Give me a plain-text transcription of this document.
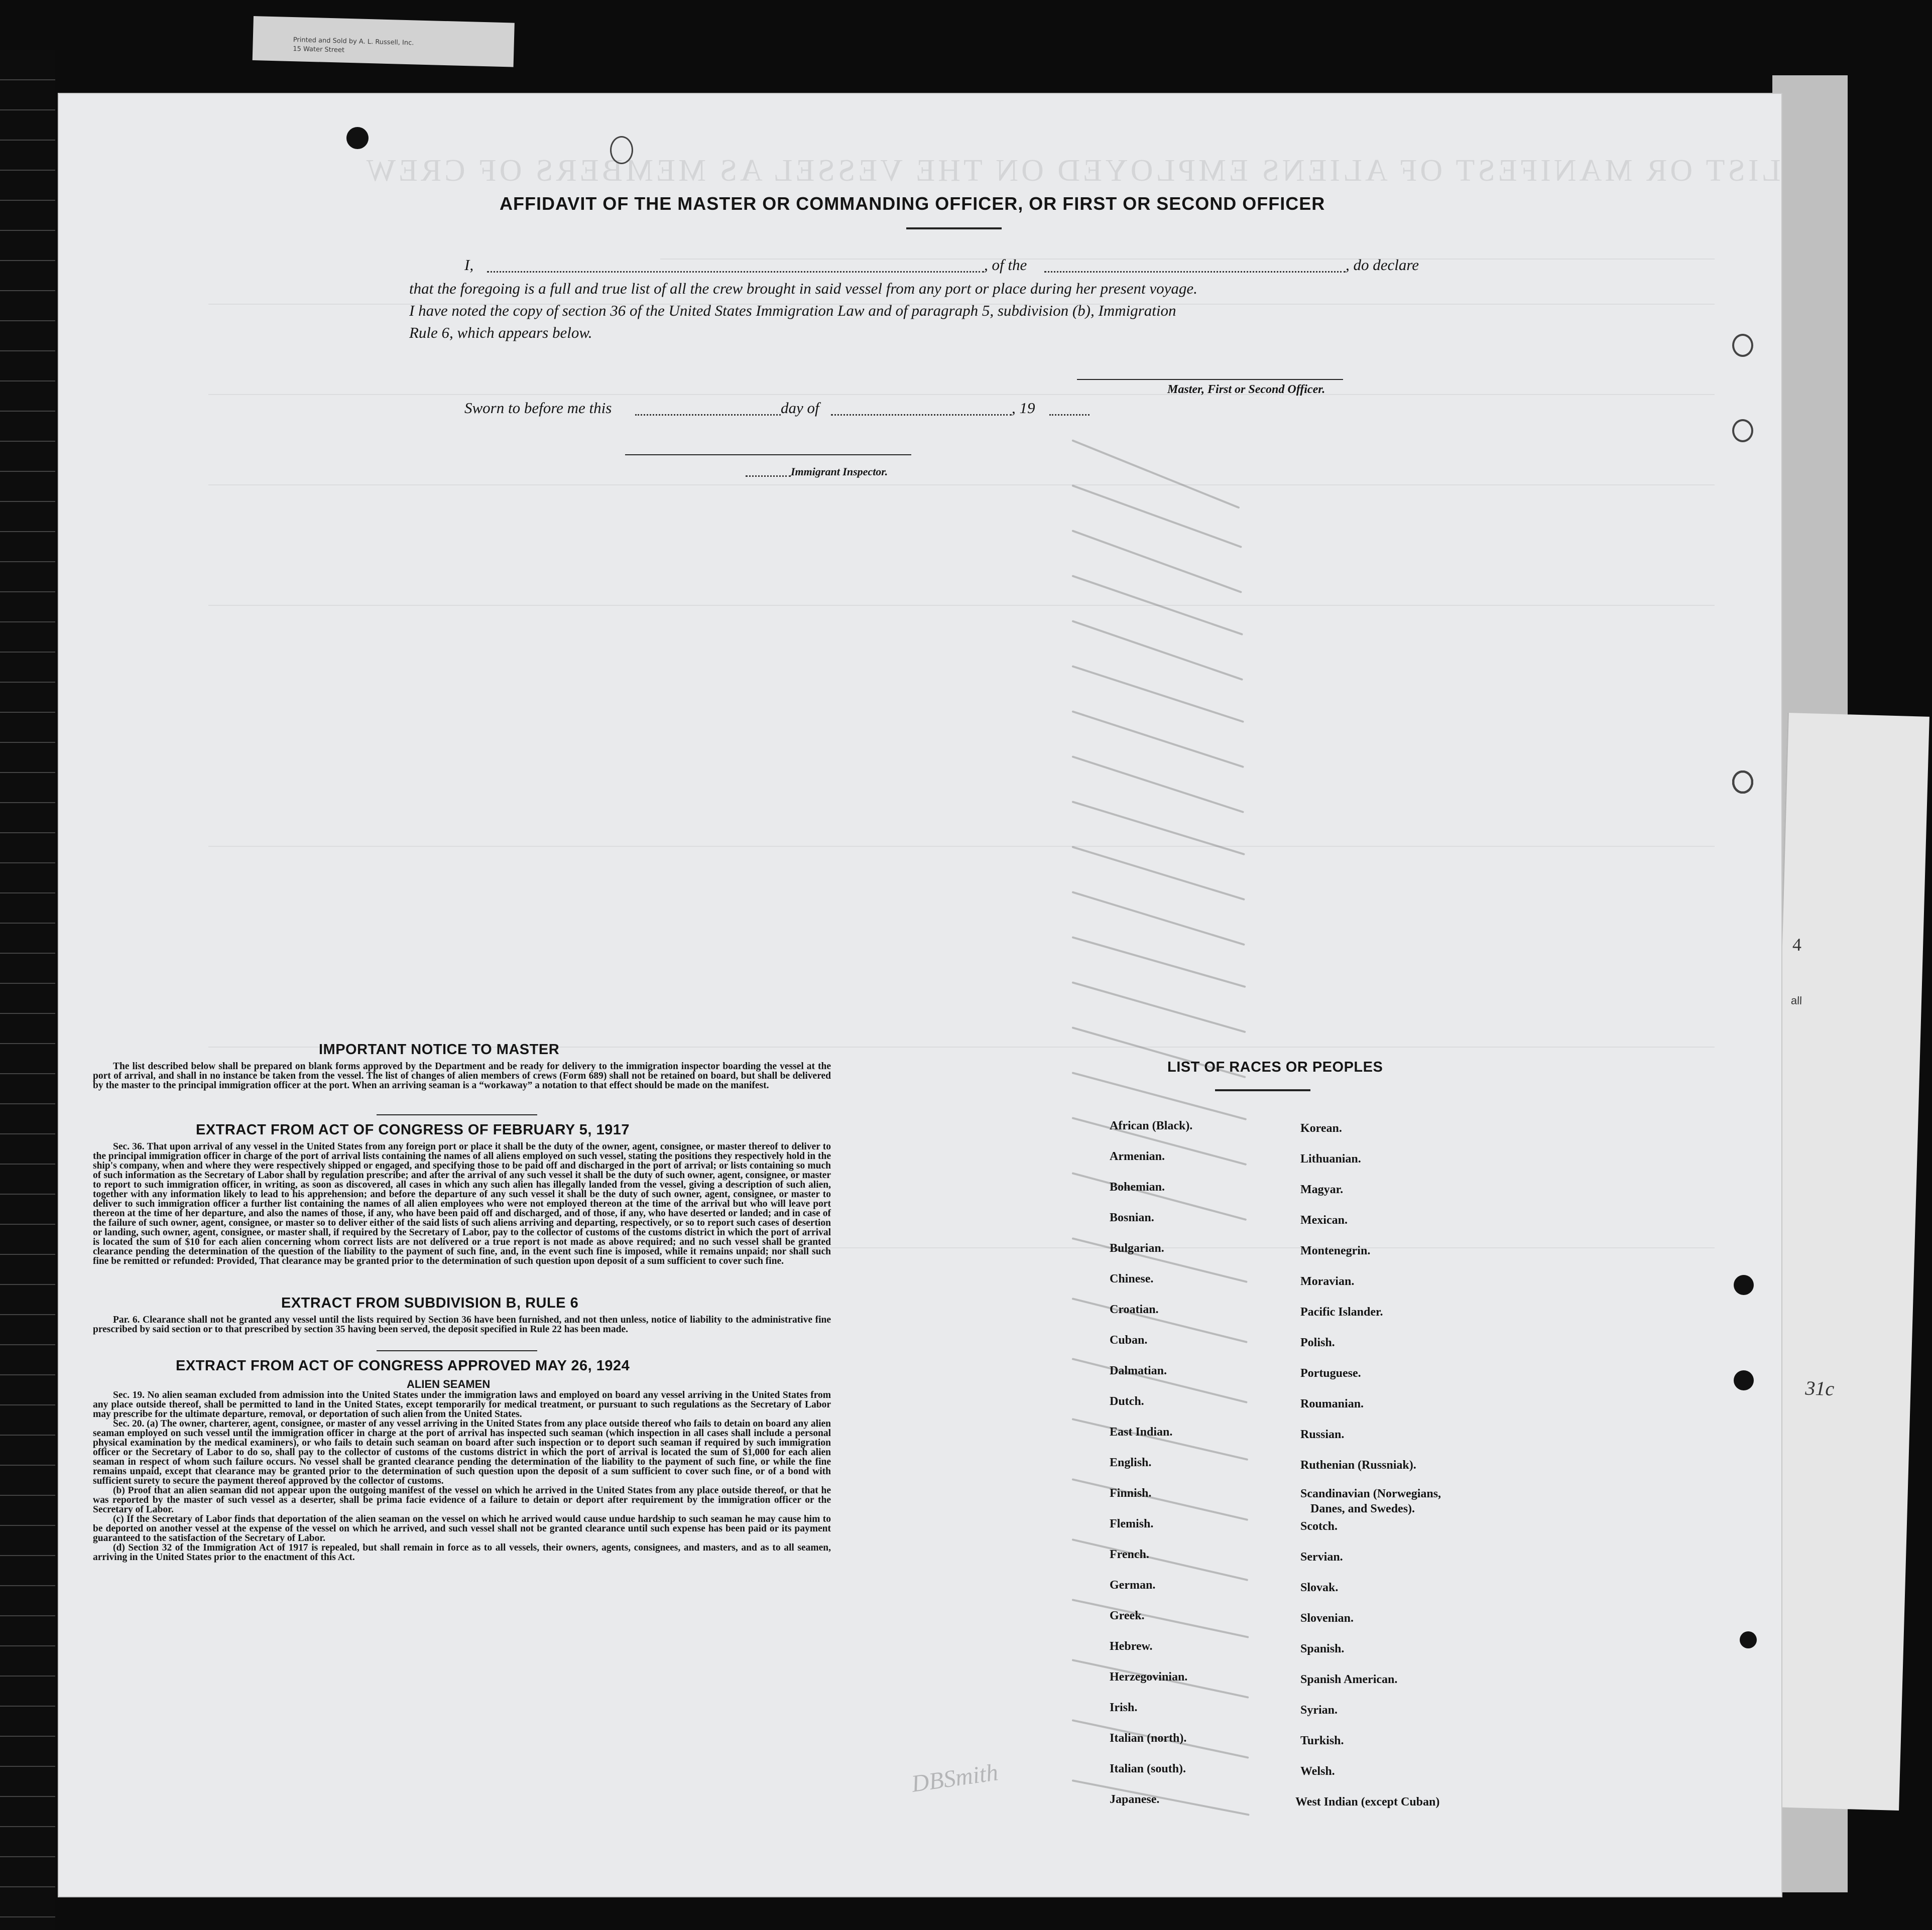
Printed and Sold by A. L. Russell, Inc.
15 Water Street
4
all
31c
LIST OR MANIFEST OF ALIENS EMPLOYED ON THE VESSEL AS MEMBERS OF CREW
AFFIDAVIT OF THE MASTER OR COMMANDING OFFICER, OR FIRST OR SECOND OFFICER
I,	, of the	, do declare
that the foregoing is a full and true list of all the crew brought in said vessel from any port or place during her present voyage.
I have noted the copy of section 36 of the United States Immigration Law and of paragraph 5, subdivision (b), Immigration
Rule 6, which appears below.
Master, First or Second Officer.
Sworn to before me this	day of	, 19
Immigrant Inspector.
IMPORTANT NOTICE TO MASTER

The list described below shall be prepared on blank forms approved by the Department and be ready for delivery to the immigration inspector boarding the vessel at the port of arrival, and shall in no instance be taken from the vessel. The list of changes of alien members of crews (Form 689) shall not be retained on board, but shall be delivered by the master to the principal immigration officer at the port. When an arriving seaman is a “workaway” a notation to that effect should be made on the manifest.

EXTRACT FROM ACT OF CONGRESS OF FEBRUARY 5, 1917

Sec. 36. That upon arrival of any vessel in the United States from any foreign port or place it shall be the duty of the owner, agent, consignee, or master thereof to deliver to the principal immigration officer in charge of the port of arrival lists containing the names of all aliens employed on such vessel, stating the positions they respectively hold in the ship's company, when and where they were respectively shipped or engaged, and specifying those to be paid off and discharged in the port of arrival; or lists containing so much of such information as the Secretary of Labor shall by regulation prescribe; and after the arrival of any such vessel it shall be the duty of such owner, agent, consignee, or master to report to such immigration officer, in writing, as soon as discovered, all cases in which any such alien has illegally landed from the vessel, giving a description of such alien, together with any information likely to lead to his apprehension; and before the departure of any such vessel it shall be the duty of such owner, agent, consignee, or master to deliver to such immigration officer a further list containing the names of all alien employees who were not employed thereon at the time of the arrival but who will leave port thereon at the time of her departure, and also the names of those, if any, who have been paid off and discharged, and of those, if any, who have deserted or landed; and in case of the failure of such owner, agent, consignee, or master so to deliver either of the said lists of such aliens arriving and departing, respectively, or so to report such cases of desertion or landing, such owner, agent, consignee, or master shall, if required by the Secretary of Labor, pay to the collector of customs of the customs district in which the port of arrival is located the sum of $10 for each alien concerning whom correct lists are not delivered or a true report is not made as above required; and no such vessel shall be granted clearance pending the determination of the question of the liability to the payment of such fine, and, in the event such fine is imposed, while it remains unpaid; nor shall such fine be remitted or refunded: Provided, That clearance may be granted prior to the determination of such question upon deposit of a sum sufficient to cover such fine.

EXTRACT FROM SUBDIVISION B, RULE 6

Par. 6. Clearance shall not be granted any vessel until the lists required by Section 36 have been furnished, and not then unless, notice of liability to the administrative fine prescribed by said section or to that prescribed by section 35 having been served, the deposit specified in Rule 22 has been made.

EXTRACT FROM ACT OF CONGRESS APPROVED MAY 26, 1924
ALIEN SEAMEN

Sec. 19. No alien seaman excluded from admission into the United States under the immigration laws and employed on board any vessel arriving in the United States from any place outside thereof, shall be permitted to land in the United States, except temporarily for medical treatment, or pursuant to such regulations as the Secretary of Labor may prescribe for the ultimate departure, removal, or deportation of such alien from the United States.

Sec. 20. (a) The owner, charterer, agent, consignee, or master of any vessel arriving in the United States from any place outside thereof who fails to detain on board any alien seaman employed on such vessel until the immigration officer in charge at the port of arrival has inspected such seaman (which inspection in all cases shall include a personal physical examination by the medical examiners), or who fails to detain such seaman on board after such inspection or to deport such seaman if required by such immigration officer or the Secretary of Labor to do so, shall pay to the collector of customs of the customs district in which the port of arrival is located the sum of $1,000 for each alien seaman in respect of whom such failure occurs. No vessel shall be granted clearance pending the determination of the liability to the payment of such fine, or while the fine remains unpaid, except that clearance may be granted prior to the determination of such question upon the deposit of a sum sufficient to cover such fine, or of a bond with sufficient surety to secure the payment thereof approved by the collector of customs.

(b) Proof that an alien seaman did not appear upon the outgoing manifest of the vessel on which he arrived in the United States from any place outside thereof, or that he was reported by the master of such vessel as a deserter, shall be prima facie evidence of a failure to detain or deport after requirement by the immigration officer or the Secretary of Labor.

(c) If the Secretary of Labor finds that deportation of the alien seaman on the vessel on which he arrived would cause undue hardship to such seaman he may cause him to be deported on another vessel at the expense of the vessel on which he arrived, and such vessel shall not be granted clearance until such expense has been paid or its payment guaranteed to the satisfaction of the Secretary of Labor.

(d) Section 32 of the Immigration Act of 1917 is repealed, but shall remain in force as to all vessels, their owners, agents, consignees, and masters, and as to all seamen, arriving in the United States prior to the enactment of this Act.

DBSmith
LIST OF RACES OR PEOPLES
African (Black).
Armenian.
Bohemian.
Bosnian.
Bulgarian.
Chinese.
Croatian.
Cuban.
Dalmatian.
Dutch.
East Indian.
English.
Finnish.
Flemish.
French.
German.
Greek.
Hebrew.
Herzegovinian.
Irish.
Italian (north).
Italian (south).
Japanese.
Korean.
Lithuanian.
Magyar.
Mexican.
Montenegrin.
Moravian.
Pacific Islander.
Polish.
Portuguese.
Roumanian.
Russian.
Ruthenian (Russniak).
Scandinavian (Norwegians,
Danes, and Swedes).
Scotch.
Servian.
Slovak.
Slovenian.
Spanish.
Spanish American.
Syrian.
Turkish.
Welsh.
West Indian (except Cuban)
